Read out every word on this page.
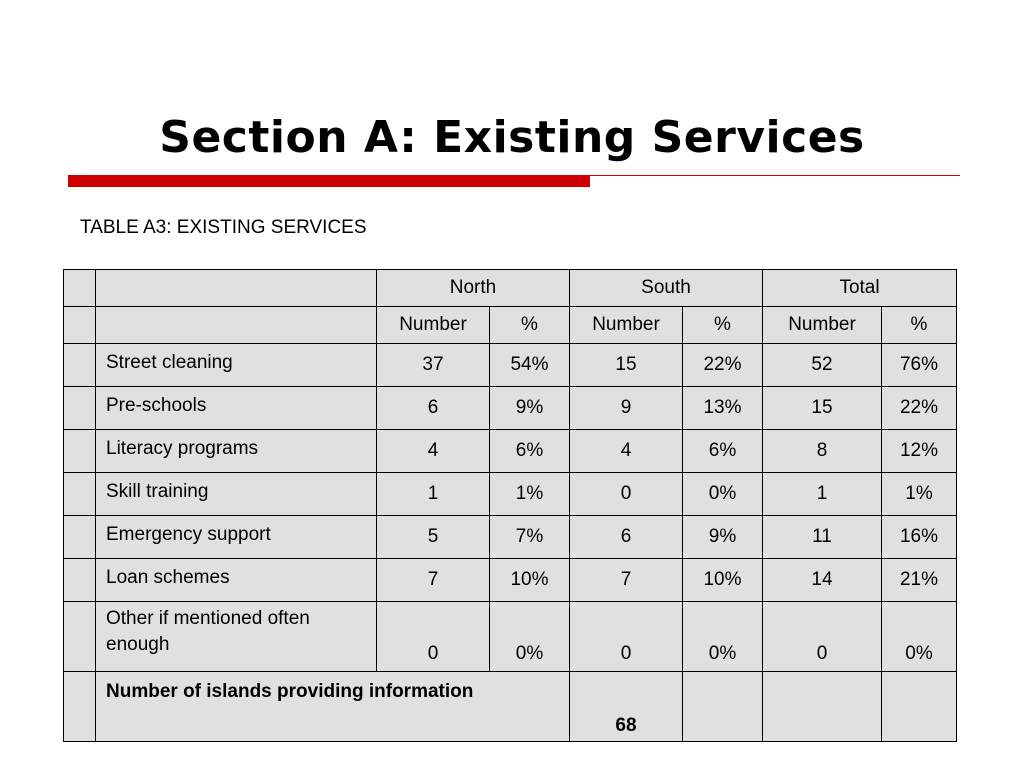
Section A: Existing Services
TABLE A3: EXISTING SERVICES
		North		South		Total	
		Number	%	Number	%	Number	%
	Street cleaning	37	54%	15	22%	52	76%
	Pre-schools	6	9%	9	13%	15	22%
	Literacy programs	4	6%	4	6%	8	12%
	Skill training	1	1%	0	0%	1	1%
	Emergency support	5	7%	6	9%	11	16%
	Loan schemes	7	10%	7	10%	14	21%
	Other if mentioned often enough	0	0%	0	0%	0	0%
	Number of islands providing information			68			
